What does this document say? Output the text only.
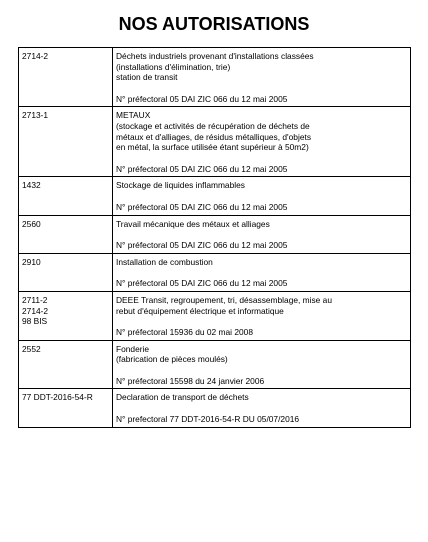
NOS AUTORISATIONS
2714-2	Déchets industriels provenant d'installations classées
(installations d'élimination, trie)
station de transit
N° préfectoral 05 DAI ZIC 066 du 12 mai 2005

2713-1	METAUX
(stockage et activités de récupération de déchets de
métaux et d'alliages, de résidus métalliques, d'objets
en métal, la surface utilisée étant supérieur à 50m2)
N° préfectoral 05 DAI ZIC 066 du 12 mai 2005

1432	Stockage de liquides inflammables
N° préfectoral 05 DAI ZIC 066 du 12 mai 2005

2560	Travail mécanique des métaux et alliages
N° préfectoral 05 DAI ZIC 066 du 12 mai 2005

2910	Installation de combustion
N° préfectoral 05 DAI ZIC 066 du 12 mai 2005

2711-2
2714-2
98 BIS	DEEE Transit, regroupement, tri, désassemblage, mise au
rebut d'équipement électrique et informatique
N° préfectoral 15936 du 02 mai 2008

2552	Fonderie
(fabrication de pièces moulés)
N° préfectoral 15598 du 24 janvier 2006

77 DDT-2016-54-R	Declaration de transport de déchets
N° prefectoral 77 DDT-2016-54-R DU 05/07/2016
